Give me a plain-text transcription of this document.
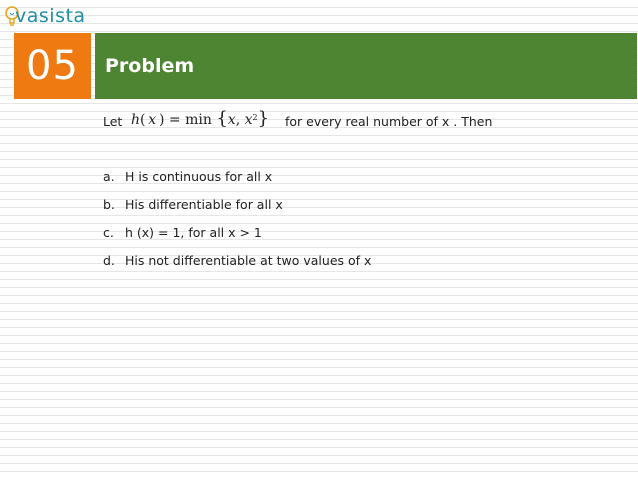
vasista
05 Problem
Let h( x ) = min {x, $x^2$} for every real number of x . Then
a. H is continuous for all x
b. His differentiable for all x
c. h (x) = 1, for all x > 1
d. His not differentiable at two values of x
